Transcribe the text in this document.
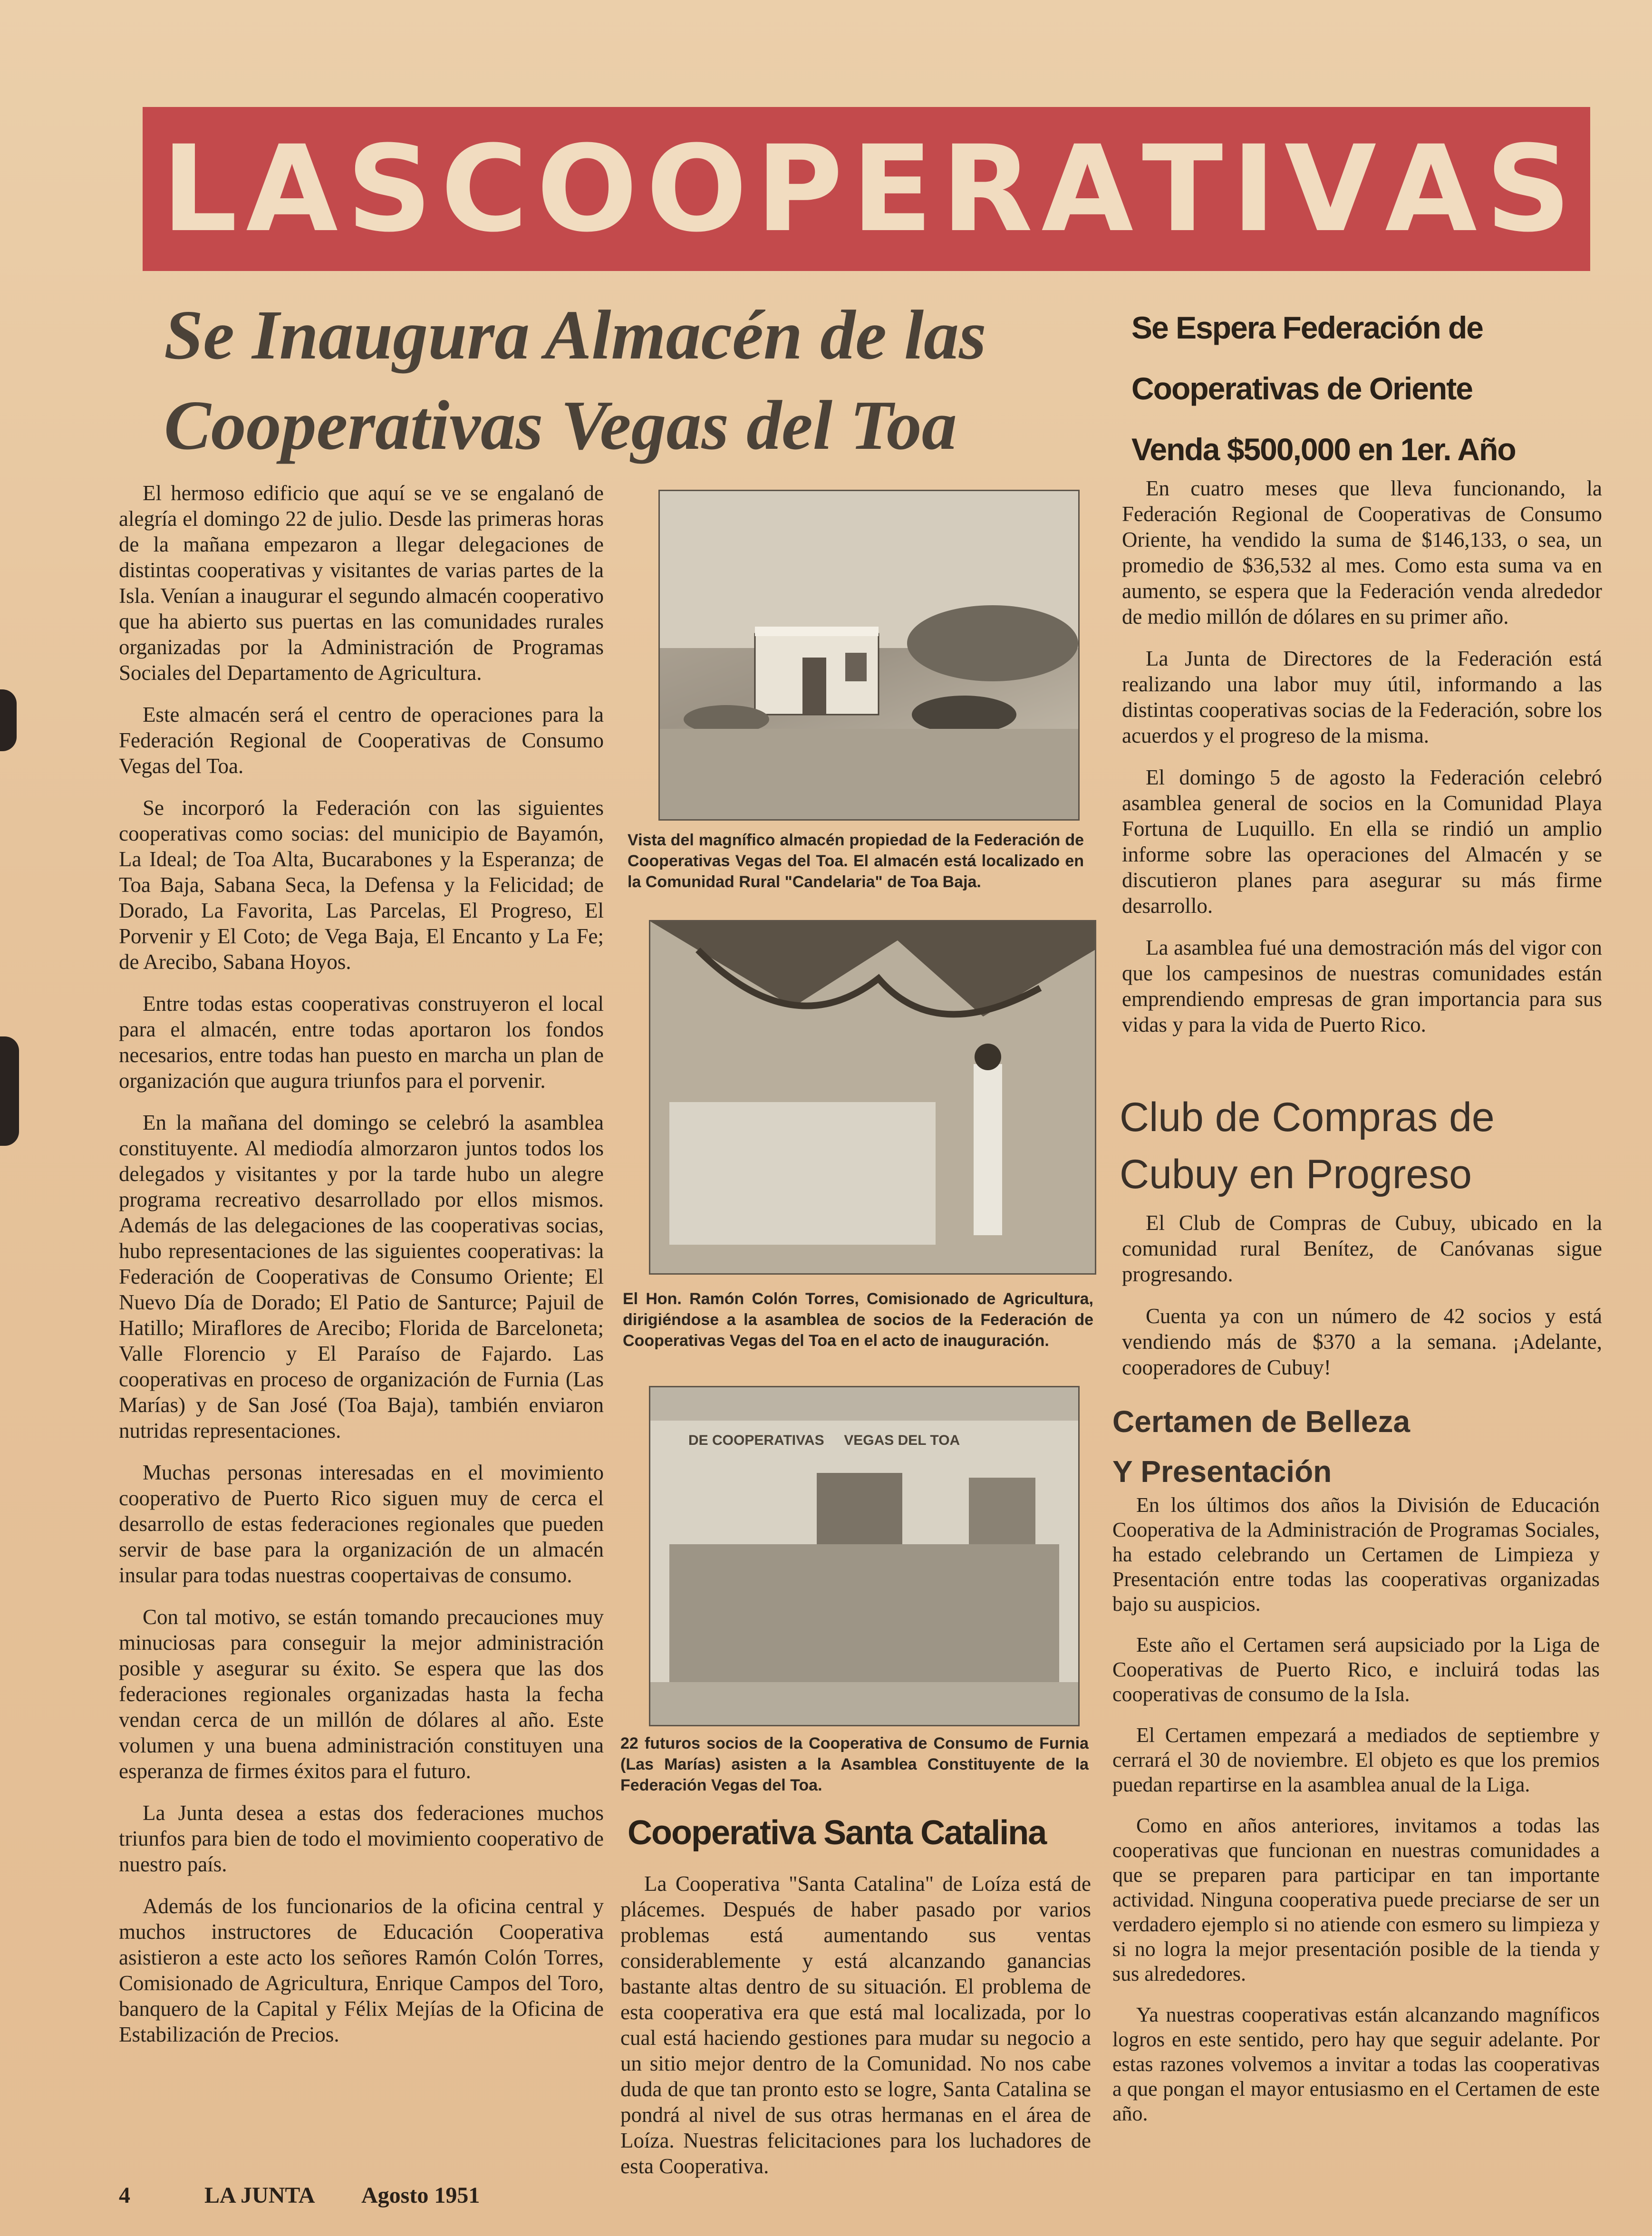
L A S C O O P E R A T I V A S
Se Inaugura Almacén de las
Cooperativas Vegas del Toa

El hermoso edificio que aquí se ve se engalanó de alegría el domingo 22 de julio. Desde las primeras horas de la mañana empezaron a llegar delegaciones de distintas cooperativas y visitantes de varias partes de la Isla. Venían a inaugurar el segundo almacén cooperativo que ha abierto sus puertas en las comunidades rurales organizadas por la Administración de Programas Sociales del Departamento de Agricultura.

Este almacén será el centro de operaciones para la Federación Regional de Cooperativas de Consumo Vegas del Toa.

Se incorporó la Federación con las siguientes cooperativas como socias: del municipio de Bayamón, La Ideal; de Toa Alta, Bucarabones y la Esperanza; de Toa Baja, Sabana Seca, la Defensa y la Felicidad; de Dorado, La Favorita, Las Parcelas, El Progreso, El Porvenir y El Coto; de Vega Baja, El Encanto y La Fe; de Arecibo, Sabana Hoyos.

Entre todas estas cooperativas construyeron el local para el almacén, entre todas aportaron los fondos necesarios, entre todas han puesto en marcha un plan de organización que augura triunfos para el porvenir.

En la mañana del domingo se celebró la asamblea constituyente. Al mediodía almorzaron juntos todos los delegados y visitantes y por la tarde hubo un alegre programa recreativo desarrollado por ellos mismos. Además de las delegaciones de las cooperativas socias, hubo representaciones de las siguientes cooperativas: la Federación de Cooperativas de Consumo Oriente; El Nuevo Día de Dorado; El Patio de Santurce; Pajuil de Hatillo; Miraflores de Arecibo; Florida de Barceloneta; Valle Florencio y El Paraíso de Fajardo. Las cooperativas en proceso de organización de Furnia (Las Marías) y de San José (Toa Baja), también enviaron nutridas representaciones.

Muchas personas interesadas en el movimiento cooperativo de Puerto Rico siguen muy de cerca el desarrollo de estas federaciones regionales que pueden servir de base para la organización de un almacén insular para todas nuestras coopertaivas de consumo.

Con tal motivo, se están tomando precauciones muy minuciosas para conseguir la mejor administración posible y asegurar su éxito. Se espera que las dos federaciones regionales organizadas hasta la fecha vendan cerca de un millón de dólares al año. Este volumen y una buena administración constituyen una esperanza de firmes éxitos para el futuro.

La Junta desea a estas dos federaciones muchos triunfos para bien de todo el movimiento cooperativo de nuestro país.

Además de los funcionarios de la oficina central y muchos instructores de Educación Cooperativa asistieron a este acto los señores Ramón Colón Torres, Comisionado de Agricultura, Enrique Campos del Toro, banquero de la Capital y Félix Mejías de la Oficina de Estabilización de Precios.

Vista del magnífico almacén propiedad de la Federación de Cooperativas Vegas del Toa. El almacén está localizado en la Comunidad Rural "Candelaria" de Toa Baja.
El Hon. Ramón Colón Torres, Comisionado de Agricultura, dirigiéndose a la asamblea de socios de la Federación de Cooperativas Vegas del Toa en el acto de inauguración.
DE COOPERATIVAS     VEGAS DEL TOA
22 futuros socios de la Cooperativa de Consumo de Furnia (Las Marías) asisten a la Asamblea Constituyente de la Federación Vegas del Toa.
Cooperativa Santa Catalina

La Cooperativa "Santa Catalina" de Loíza está de plácemes. Después de haber pasado por varios problemas está aumentando sus ventas considerablemente y está alcanzando ganancias bastante altas dentro de su situación. El problema de esta cooperativa era que está mal localizada, por lo cual está haciendo gestiones para mudar su negocio a un sitio mejor dentro de la Comunidad. No nos cabe duda de que tan pronto esto se logre, Santa Catalina se pondrá al nivel de sus otras hermanas en el área de Loíza. Nuestras felicitaciones para los luchadores de esta Cooperativa.

Se Espera Federación de
Cooperativas de Oriente
Venda $500,000 en 1er. Año

En cuatro meses que lleva funcionando, la Federación Regional de Cooperativas de Consumo Oriente, ha vendido la suma de $146,133, o sea, un promedio de $36,532 al mes. Como esta suma va en aumento, se espera que la Federación venda alrededor de medio millón de dólares en su primer año.

La Junta de Directores de la Federación está realizando una labor muy útil, informando a las distintas cooperativas socias de la Federación, sobre los acuerdos y el progreso de la misma.

El domingo 5 de agosto la Federación celebró asamblea general de socios en la Comunidad Playa Fortuna de Luquillo. En ella se rindió un amplio informe sobre las operaciones del Almacén y se discutieron planes para asegurar su más firme desarrollo.

La asamblea fué una demostración más del vigor con que los campesinos de nuestras comunidades están emprendiendo empresas de gran importancia para sus vidas y para la vida de Puerto Rico.

Club de Compras de
Cubuy en Progreso

El Club de Compras de Cubuy, ubicado en la comunidad rural Benítez, de Canóvanas sigue progresando.

Cuenta ya con un número de 42 socios y está vendiendo más de $370 a la semana. ¡Adelante, cooperadores de Cubuy!

Certamen de Belleza
Y Presentación

En los últimos dos años la División de Educación Cooperativa de la Administración de Programas Sociales, ha estado celebrando un Certamen de Limpieza y Presentación entre todas las cooperativas organizadas bajo su auspicios.

Este año el Certamen será aupsiciado por la Liga de Cooperativas de Puerto Rico, e incluirá todas las cooperativas de consumo de la Isla.

El Certamen empezará a mediados de septiembre y cerrará el 30 de noviembre. El objeto es que los premios puedan repartirse en la asamblea anual de la Liga.

Como en años anteriores, invitamos a todas las cooperativas que funcionan en nuestras comunidades a que se preparen para participar en tan importante actividad. Ninguna cooperativa puede preciarse de ser un verdadero ejemplo si no atiende con esmero su limpieza y si no logra la mejor presentación posible de la tienda y sus alrededores.

Ya nuestras cooperativas están alcanzando magníficos logros en este sentido, pero hay que seguir adelante. Por estas razones volvemos a invitar a todas las cooperativas a que pongan el mayor entusiasmo en el Certamen de este año.

4	LA JUNTA Agosto 1951
